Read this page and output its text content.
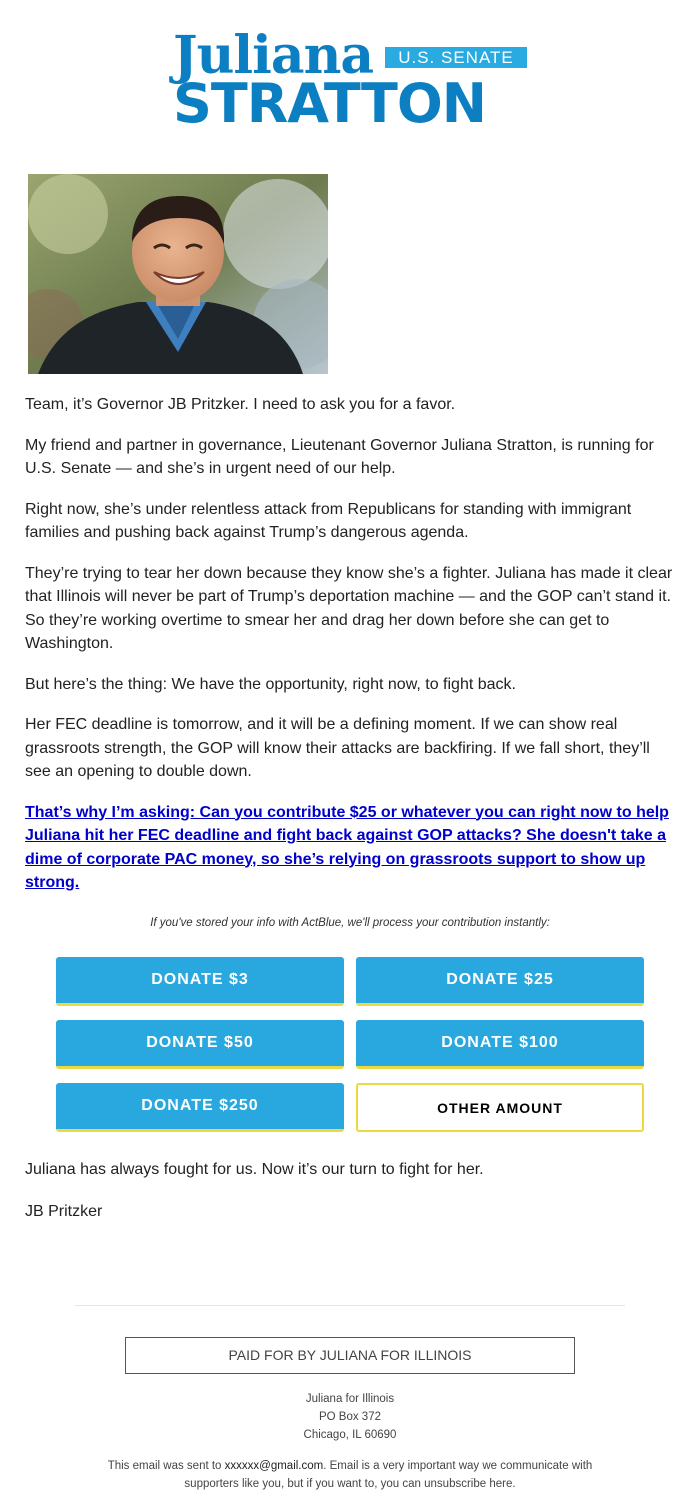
Juliana	U.S. SENATE
STRATTON

Team, it’s Governor JB Pritzker. I need to ask you for a favor.

My friend and partner in governance, Lieutenant Governor Juliana Stratton, is running for U.S. Senate — and she’s in urgent need of our help.

Right now, she’s under relentless attack from Republicans for standing with immigrant families and pushing back against Trump’s dangerous agenda.

They’re trying to tear her down because they know she’s a fighter. Juliana has made it clear that Illinois will never be part of Trump’s deportation machine — and the GOP can’t stand it. So they’re working overtime to smear her and drag her down before she can get to Washington.

But here’s the thing: We have the opportunity, right now, to fight back.

Her FEC deadline is tomorrow, and it will be a defining moment. If we can show real grassroots strength, the GOP will know their attacks are backfiring. If we fall short, they’ll see an opening to double down.

That’s why I’m asking: Can you contribute $25 or whatever you can right now to help Juliana hit her FEC deadline and fight back against GOP attacks? She doesn't take a dime of corporate PAC money, so she’s relying on grassroots support to show up strong.
If you've stored your info with ActBlue, we'll process your contribution instantly:
DONATE $3	DONATE $25
DONATE $50	DONATE $100
DONATE $250	OTHER AMOUNT

Juliana has always fought for us. Now it’s our turn to fight for her.

JB Pritzker

PAID FOR BY JULIANA FOR ILLINOIS
Juliana for Illinois
PO Box 372
Chicago, IL 60690
This email was sent to xxxxxx@gmail.com. Email is a very important way we communicate with supporters like you, but if you want to, you can unsubscribe here.
